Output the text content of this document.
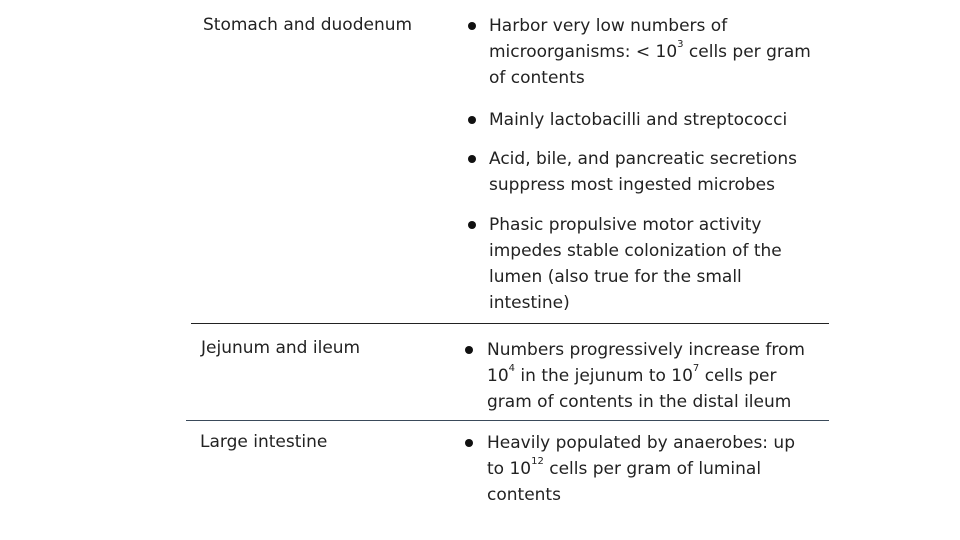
Stomach and duodenum	Harbor very low numbers of
microorganisms: < $10^3$ cells per gram
of contents
Mainly lactobacilli and streptococci
Acid, bile, and pancreatic secretions
suppress most ingested microbes
Phasic propulsive motor activity
impedes stable colonization of the
lumen (also true for the small
intestine)
Jejunum and ileum	Numbers progressively increase from
$10^4$ in the jejunum to $10^7$ cells per
gram of contents in the distal ileum
Large intestine	Heavily populated by anaerobes: up
to $10^{12}$ cells per gram of luminal
contents
